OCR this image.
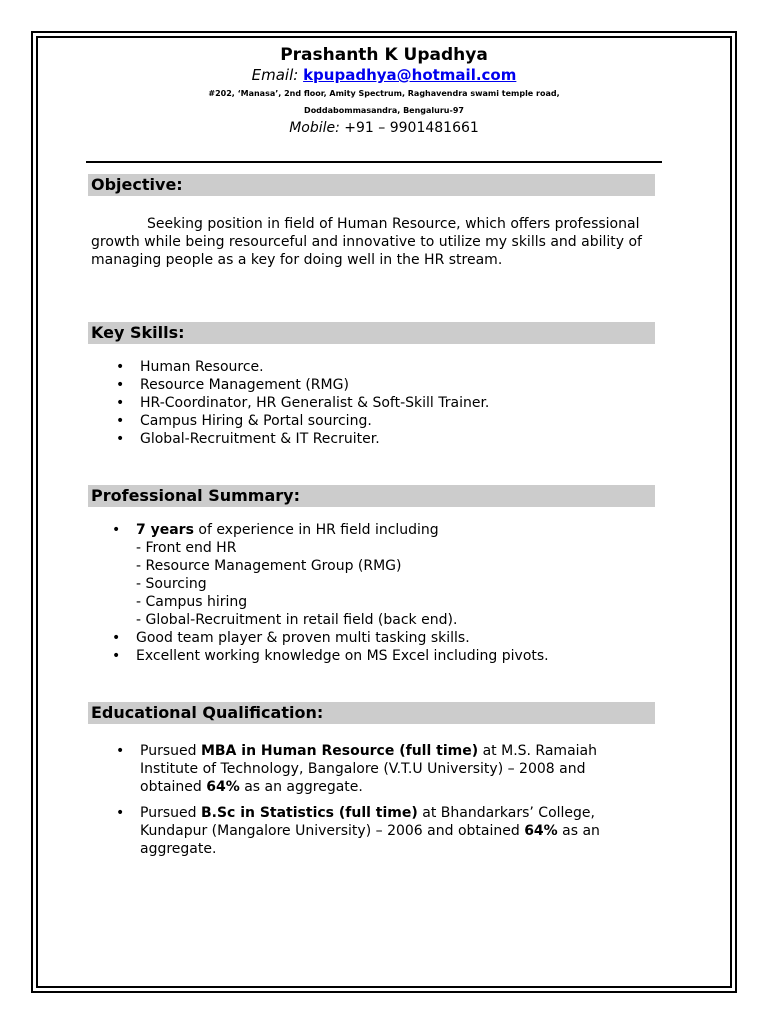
Prashanth K Upadhya
Email: kpupadhya@hotmail.com
#202, ‘Manasa’, 2nd floor, Amity Spectrum, Raghavendra swami temple road,
Doddabommasandra, Bengaluru-97
Mobile: +91 – 9901481661
Objective:
Seeking position in field of Human Resource, which offers professional growth while being resourceful and innovative to utilize my skills and ability of managing people as a key for doing well in the HR stream.
Key Skills:
• Human Resource.
• Resource Management (RMG)
• HR-Coordinator, HR Generalist & Soft-Skill Trainer.
• Campus Hiring & Portal sourcing.
• Global-Recruitment & IT Recruiter.
Professional Summary:
• 7 years of experience in HR field including
- Front end HR
- Resource Management Group (RMG)
- Sourcing
- Campus hiring
- Global-Recruitment in retail field (back end).
• Good team player & proven multi tasking skills.
• Excellent working knowledge on MS Excel including pivots.
Educational Qualification:
• Pursued MBA in Human Resource (full time) at M.S. Ramaiah Institute of Technology, Bangalore (V.T.U University) – 2008 and obtained 64% as an aggregate.
• Pursued B.Sc in Statistics (full time) at Bhandarkars’ College, Kundapur (Mangalore University) – 2006 and obtained 64% as an aggregate.
